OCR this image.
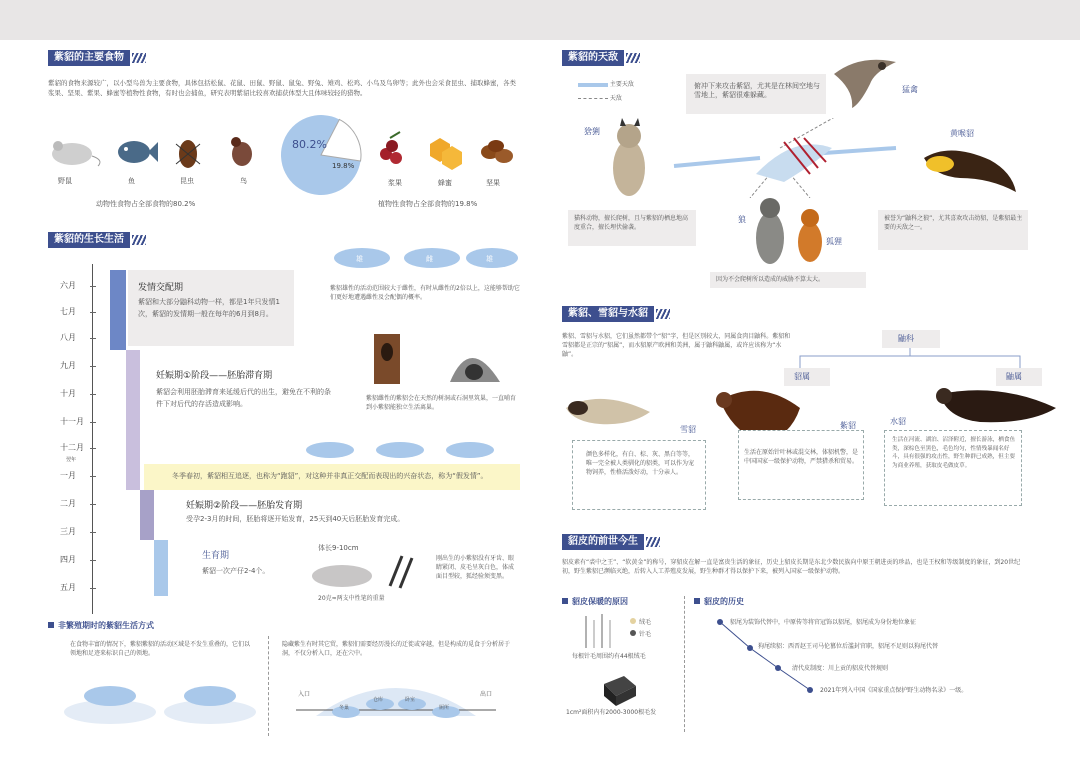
紫貂的主要食物
紫貂的食物来源较广，以小型鸟兽为主要食物，具体包括松鼠、花鼠、田鼠、野鼠、鼠兔、野兔、雉鸡、松鸡、小鸟及鸟卵等；此外也会采食昆虫、捕取蜂蜜，各类浆果、坚果、紫果、蜂蜜等植物性食物，有时也会捕鱼，研究表明紫貂比较喜欢捕获体型大且体味较轻的猎物。
野鼠	鱼	昆虫	鸟
80.2%
19.8%
浆果	蜂蜜	坚果
动物性食物占全部食物的80.2%	植物性食物占全部食物的19.8%
紫貂的生长生活
六月
七月
八月
九月
十月
十一月
十二月
翌年
一月
二月
三月
四月
五月
发情交配期
紫貂和大部分鼬科动物一样，都是1年只发情1次，紫貂的发情期一般在每年的6月到8月。
紫貂雄性的活动范围较大于雌性，有时从雌性的2倍以上，这能够帮助它们更好地遭遇雌性及会配偶的概率。
雄	雌	雄
妊娠期①阶段——胚胎滞育期
紫貂会利用胚胎滞育来延缓后代的出生，避免在不利的条件下对后代的存活造成影响。
紫貂雌性的紫貂会在天然的树洞或石洞里筑巢，一直哺育到小紫貂能独立生活离巢。
冬季春初，紫貂相互追逐，也称为“跑貂”，对这种并非真正交配而表现出的兴奋状态，称为“假发情”。
妊娠期②阶段——胚胎发育期
受孕2-3月的时间，胚胎将逐开始发育，25天到40天后胚胎发育完成。
生育期
紫貂一次产仔2-4个。
体长9-10cm
20克≈两支中性笔的重量
刚出生的小紫貂没有牙齿、眼睛紧闭、皮毛呈灰白色，体成面目型较，狐经验须变黑。
非繁殖期时的紫貂生活方式
在食物丰富的情况下，紫貂紫貂的活动区域是不发生重叠的，它们以领地和足迹来标识自己的领地。
隐藏紫生有时其它贸，紫貂们需要经历漫长的迁徙或穿越，但是构成的觅食于分析居于洞，不仅分析入口，还在穴中。
入口	出口
冬巢
仓库	卧室
厕所
紫貂的天敌
主要天敌
天敌
俯冲下来攻击紫貂，尤其是在林间空地与雪地上，紫貂很难躲藏。
猛禽
猞猁
猫科动物，擅长爬树，且与紫貂的栖息地高度重合，擅长埋伏偷袭。
狼
狐狸
因为不会爬树所以造成的威胁不算太大。
黄喉貂
被誉为“鼬科之狼”，尤其喜欢攻击幼貂，是紫貂最主要的天敌之一。
紫貂、雪貂与水貂
紫貂、雪貂与水貂，它们虽然都带个“貂”字，但是区别较大，同属食肉目鼬科。紫貂和雪貂都是正宗的“貂属”，而水貂原产欧洲和美洲，属于鼬科鼬属，或许应该称为“水鼬”。
鼬科
貂属	鼬属
雪貂
颜色多样化，有白、棕、灰、黑白等等，唯一完全被人类驯化的貂类，可以作为宠物饲养，性格活泼好动，十分亲人。
紫貂
生活在原始针叶林或混交林，体貂机警，是中国国家一级保护动物，严禁猎杀和贸易。
水貂
生活在河流、湖泊、沼泽附近，擅长游泳，栖食鱼类，深棕色至黑色，毛色均匀，性情残暴闻名好斗，具有很强的攻击性，野生种群已成熟，但主要为商业养殖，获取皮毛做皮草。
貂皮的前世今生
貂皮素有“裘中之王”、“软黄金”的称号，穿貂皮在解一直是富贵生活的象征，历史上貂皮长期是东北少数民族向中原王朝进贡的珍品，也是王权和等级制度的象征，到20世纪初，野生紫貂已濒临灭绝，后转入人工养殖皮发展，野生种群才得以保护下来，被列入国家一级保护动物。
貂皮保暖的原因
绒毛
针毛
每根针毛周围约有44根绒毛
1cm²面积内有2000-3000根毛发
貂皮的历史
貂尾为装饰代替中，中原传等将官冠饰以貂尾，貂尾成为身份地位象征
狗尾续貂：西晋赵王司马伦篡位后滥封官职，貂尾不足则以狗尾代替
清代皮制度：川上贡的貂皮代替规则
2021年列入中国《国家重点保护野生动物名录》一级。
